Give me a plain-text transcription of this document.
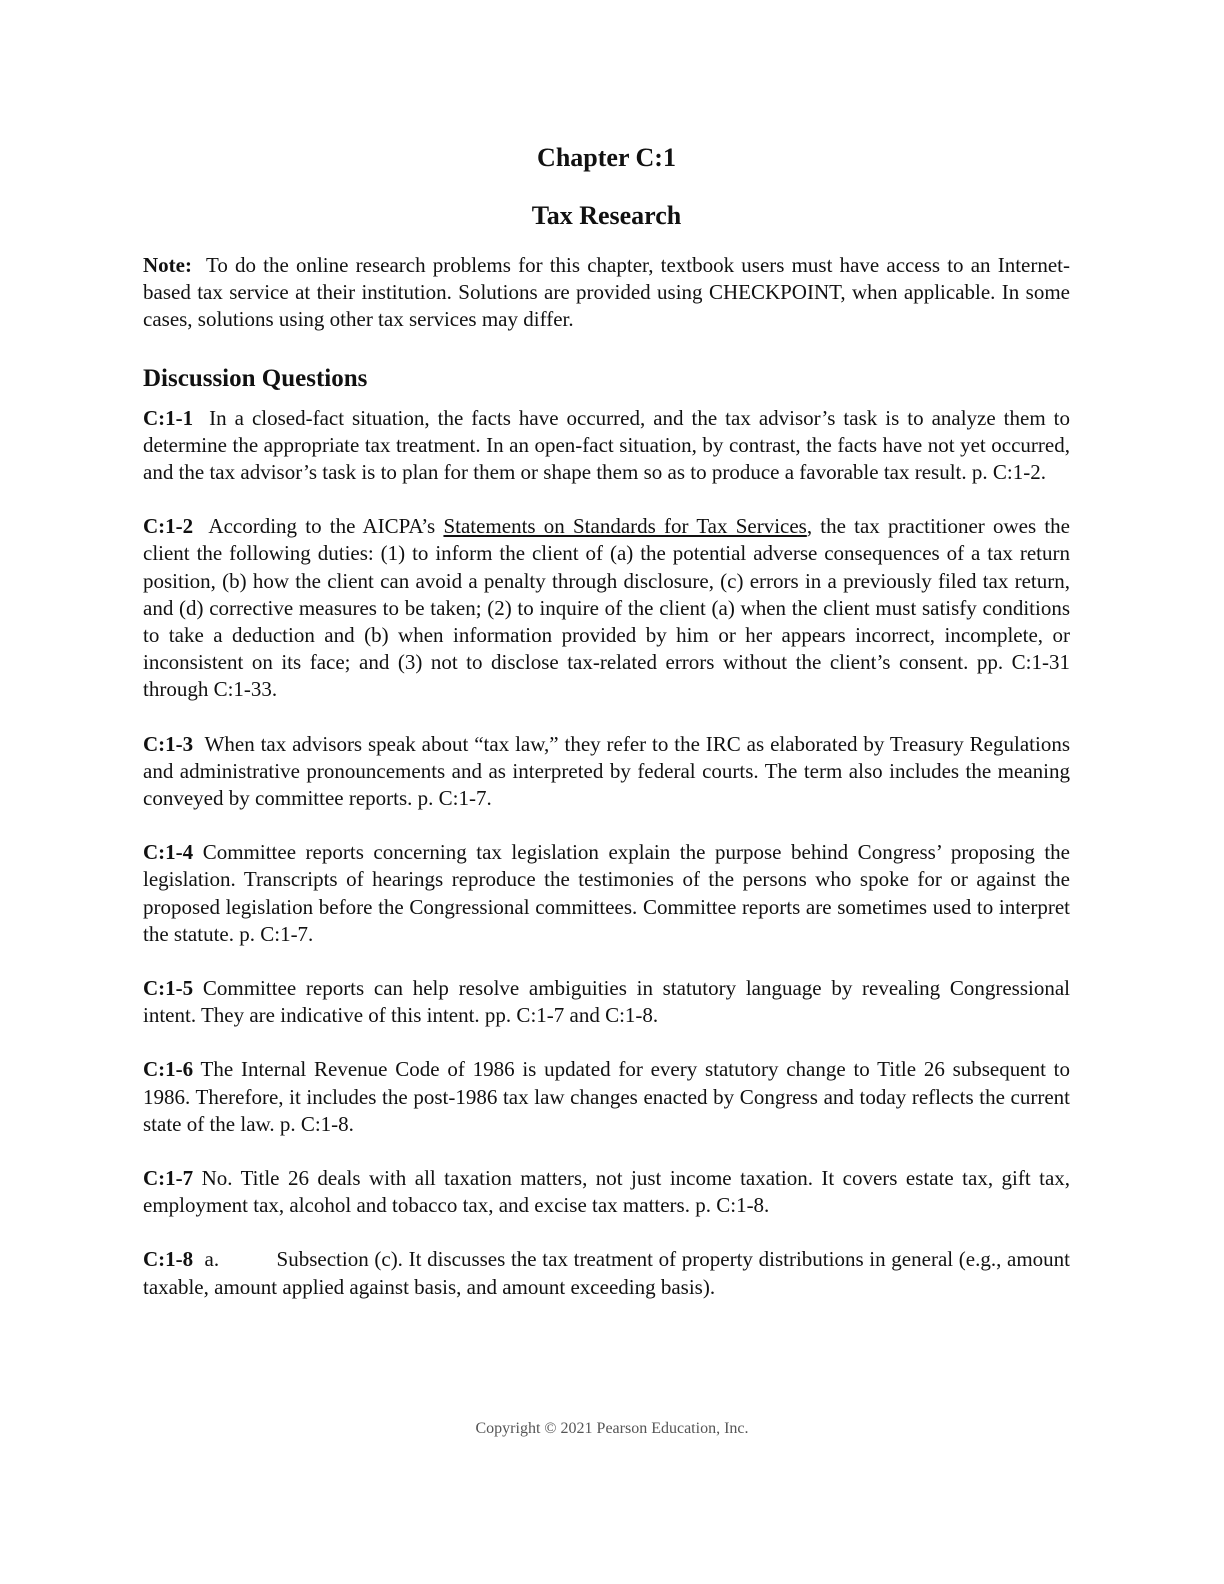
Chapter C:1
Tax Research

Note: To do the online research problems for this chapter, textbook users must have access to an Internet-based tax service at their institution. Solutions are provided using CHECKPOINT, when applicable. In some cases, solutions using other tax services may differ.

Discussion Questions

C:1-1 In a closed-fact situation, the facts have occurred, and the tax advisor’s task is to analyze them to determine the appropriate tax treatment. In an open-fact situation, by contrast, the facts have not yet occurred, and the tax advisor’s task is to plan for them or shape them so as to produce a favorable tax result. p. C:1-2.

C:1-2 According to the AICPA’s Statements on Standards for Tax Services, the tax practitioner owes the client the following duties: (1) to inform the client of (a) the potential adverse consequences of a tax return position, (b) how the client can avoid a penalty through disclosure, (c) errors in a previously filed tax return, and (d) corrective measures to be taken; (2) to inquire of the client (a) when the client must satisfy conditions to take a deduction and (b) when information provided by him or her appears incorrect, incomplete, or inconsistent on its face; and (3) not to disclose tax-related errors without the client’s consent. pp. C:1-31 through C:1-33.

C:1-3 When tax advisors speak about “tax law,” they refer to the IRC as elaborated by Treasury Regulations and administrative pronouncements and as interpreted by federal courts. The term also includes the meaning conveyed by committee reports. p. C:1-7.

C:1-4 Committee reports concerning tax legislation explain the purpose behind Congress’ proposing the legislation. Transcripts of hearings reproduce the testimonies of the persons who spoke for or against the proposed legislation before the Congressional committees. Committee reports are sometimes used to interpret the statute. p. C:1-7.

C:1-5 Committee reports can help resolve ambiguities in statutory language by revealing Congressional intent. They are indicative of this intent. pp. C:1-7 and C:1-8.

C:1-6 The Internal Revenue Code of 1986 is updated for every statutory change to Title 26 subsequent to 1986. Therefore, it includes the post-1986 tax law changes enacted by Congress and today reflects the current state of the law. p. C:1-8.

C:1-7 No. Title 26 deals with all taxation matters, not just income taxation. It covers estate tax, gift tax, employment tax, alcohol and tobacco tax, and excise tax matters. p. C:1-8.

C:1-8 a.	Subsection (c). It discusses the tax treatment of property distributions in general (e.g., amount taxable, amount applied against basis, and amount exceeding basis).

Copyright © 2021 Pearson Education, Inc.
